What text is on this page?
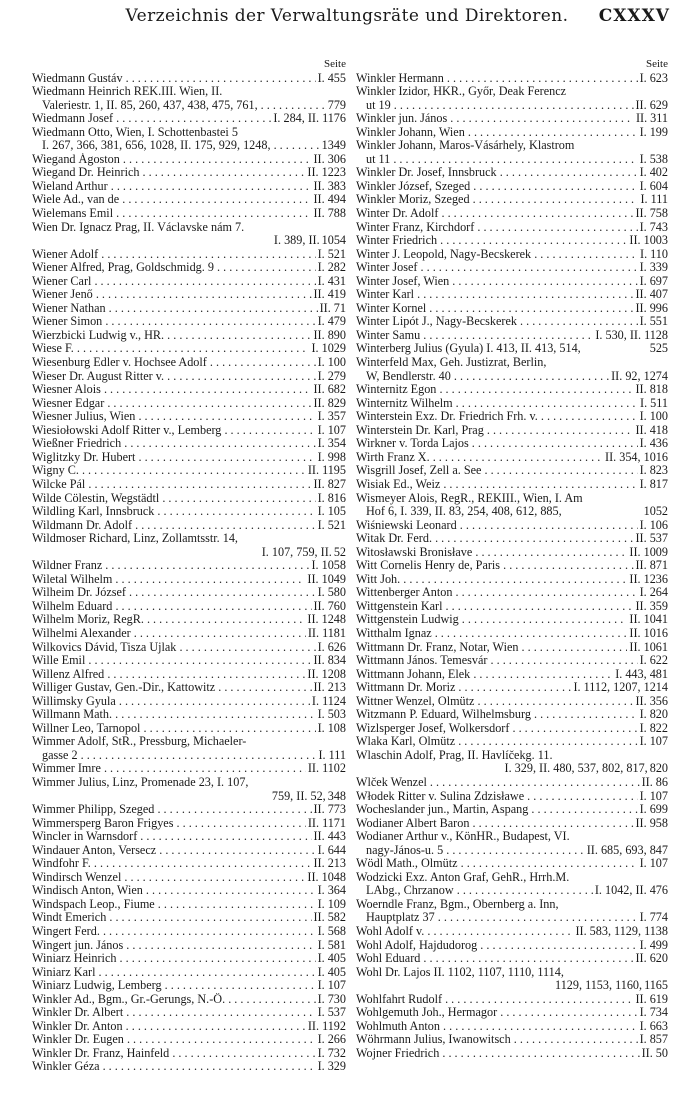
Verzeichnis der Verwaltungsräte und Direktoren.	CXXXV
Seite
Wiedmann Gustáv . . .	I. 455
Wiedmann Heinrich REK.III. Wien, II.
Valeriestr. 1, II. 85, 260, 437, 438, 475, 761, . . .	779
Wiedmann Josef . . .	I. 284, II. 1176
Wiedmann Otto, Wien, I. Schottenbastei 5
I. 267, 366, 381, 656, 1028, II. 175, 929, 1248, . . .	1349
Wiegand Ágoston . . .	II. 306
Wiegand Dr. Heinrich . . .	II. 1223
Wieland Arthur . . .	II. 383
Wiele Ad., van de . . .	II. 494
Wielemans Emil . . .	II. 788
Wien Dr. Ignacz Prag, II. Václavske nám 7.
I. 389, II. 1054
Wiener Adolf . . .	I. 521
Wiener Alfred, Prag, Goldschmidg. 9 . . .	I. 282
Wiener Carl . . .	I. 431
Wiener Jenő . . .	II. 419
Wiener Nathan . . .	II. 71
Wiener Simon . . .	I. 479
Wierzbicki Ludwig v., HR. . . .	II. 890
Wiese F. . . .	I. 1029
Wiesenburg Edler v. Hochsee Adolf . . .	I. 100
Wieser Dr. August Ritter v. . . .	I. 279
Wiesner Alois . . .	II. 682
Wiesner Edgar . . .	II. 829
Wiesner Julius, Wien . . .	I. 357
Wiesiołowski Adolf Ritter v., Lemberg . . .	I. 107
Wießner Friedrich . . .	I. 354
Wiglitzky Dr. Hubert . . .	I. 998
Wigny C. . . .	II. 1195
Wilcke Pál . . .	II. 827
Wilde Cölestin, Wegstädtl . . .	I. 816
Wildling Karl, Innsbruck . . .	I. 105
Wildmann Dr. Adolf . . .	I. 521
Wildmoser Richard, Linz, Zollamtsstr. 14,
I. 107, 759, II. 52
Wildner Franz . . .	I. 1058
Wiletal Wilhelm . . .	II. 1049
Wilheim Dr. József . . .	I. 580
Wilhelm Eduard . . .	II. 760
Wilhelm Moriz, RegR. . . .	II. 1248
Wilhelmi Alexander . . .	II. 1181
Wilkovics Dávid, Tisza Ujlak . . .	I. 626
Wille Emil . . .	II. 834
Willenz Alfred . . .	II. 1208
Williger Gustav, Gen.-Dir., Kattowitz . . .	II. 213
Willimsky Gyula . . .	I. 1124
Willmann Math. . . .	I. 503
Willner Leo, Tarnopol . . .	I. 108
Wimmer Adolf, StR., Pressburg, Michaeler-
gasse 2 . . .	I. 111
Wimmer Imre . . .	II. 1102
Wimmer Julius, Linz, Promenade 23, I. 107,
759, II. 52, 348
Wimmer Philipp, Szeged . . .	II. 773
Wimmersperg Baron Frigyes . . .	II. 1171
Wincler in Warnsdorf . . .	II. 443
Windauer Anton, Versecz . . .	I. 644
Windfohr F. . . .	II. 213
Windirsch Wenzel . . .	II. 1048
Windisch Anton, Wien . . .	I. 364
Windspach Leop., Fiume . . .	I. 109
Windt Emerich . . .	II. 582
Wingert Ferd. . . .	I. 568
Wingert jun. János . . .	I. 581
Winiarz Heinrich . . .	I. 405
Winiarz Karl . . .	I. 405
Winiarz Ludwig, Lemberg . . .	I. 107
Winkler Ad., Bgm., Gr.-Gerungs, N.-Ö. . . .	I. 730
Winkler Dr. Albert . . .	I. 537
Winkler Dr. Anton . . .	II. 1192
Winkler Dr. Eugen . . .	I. 266
Winkler Dr. Franz, Hainfeld . . .	I. 732
Winkler Géza . . .	I. 329
Seite
Winkler Hermann . . .	I. 623
Winkler Izidor, HKR., Győr, Deak Ferencz
ut 19 . . .	II. 629
Winkler jun. János . . .	II. 311
Winkler Johann, Wien . . .	I. 199
Winkler Johann, Maros-Vásárhely, Klastrom
ut 11 . . .	I. 538
Winkler Dr. Josef, Innsbruck . . .	I. 402
Winkler József, Szeged . . .	I. 604
Winkler Moriz, Szeged . . .	I. 111
Winter Dr. Adolf . . .	II. 758
Winter Franz, Kirchdorf . . .	I. 743
Winter Friedrich . . .	II. 1003
Winter J. Leopold, Nagy-Becskerek . . .	I. 110
Winter Josef . . .	I. 339
Winter Josef, Wien . . .	I. 697
Winter Karl . . .	II. 407
Winter Kornel . . .	II. 996
Winter Lipót J., Nagy-Becskerek . . .	I. 551
Winter Samu . . .	I. 530, II. 1128
Winterberg Julius (Gyula) I. 413, II. 413, 514,	525
Winterfeld Max, Geh. Justizrat, Berlin,
W, Bendlerstr. 40 . . .	II. 92, 1274
Winternitz Egon . . .	II. 818
Winternitz Wilhelm . . .	I. 511
Winterstein Exz. Dr. Friedrich Frh. v. . . .	I. 100
Winterstein Dr. Karl, Prag . . .	II. 418
Wirkner v. Torda Lajos . . .	I. 436
Wirth Franz X. . . .	II. 354, 1016
Wisgrill Josef, Zell a. See . . .	I. 823
Wisiak Ed., Weiz . . .	I. 817
Wismeyer Alois, RegR., REKIII., Wien, I. Am
Hof 6, I. 339, II. 83, 254, 408, 612, 885,	1052
Wiśniewski Leonard . . .	I. 106
Witak Dr. Ferd. . . .	II. 537
Witosławski Bronisłave . . .	II. 1009
Witt Cornelis Henry de, Paris . . .	II. 871
Witt Joh. . . .	II. 1236
Wittenberger Anton . . .	I. 264
Wittgenstein Karl . . .	II. 359
Wittgenstein Ludwig . . .	II. 1041
Witthalm Ignaz . . .	II. 1016
Wittmann Dr. Franz, Notar, Wien . . .	II. 1061
Wittmann János. Temesvár . . .	I. 622
Wittmann Johann, Elek . . .	I. 443, 481
Wittmann Dr. Moriz . . .	I. 1112, 1207, 1214
Wittner Wenzel, Olmütz . . .	II. 356
Witzmann P. Eduard, Wilhelmsburg . . .	I. 820
Wizlsperger Josef, Wolkersdorf . . .	I. 822
Wlaka Karl, Olmütz . . .	I. 107
Wlaschin Adolf, Prag, II. Havlíčekg. 11.
I. 329, II. 480, 537, 802, 817, 820
Wlček Wenzel . . .	II. 86
Włodek Ritter v. Sulina Zdzisławe . . .	I. 107
Wocheslander jun., Martin, Aspang . . .	I. 699
Wodianer Albert Baron . . .	II. 958
Wodianer Arthur v., KönHR., Budapest, VI.
nagy-János-u. 5 . . .	II. 685, 693, 847
Wödl Math., Olmütz . . .	I. 107
Wodzicki Exz. Anton Graf, GehR., Hrrh.M.
LAbg., Chrzanow . . .	I. 1042, II. 476
Woerndle Franz, Bgm., Obernberg a. Inn,
Hauptplatz 37 . . .	I. 774
Wohl Adolf v. . . .	II. 583, 1129, 1138
Wohl Adolf, Hajdudorog . . .	I. 499
Wohl Eduard . . .	II. 620
Wohl Dr. Lajos II. 1102, 1107, 1110, 1114,
1129, 1153, 1160, 1165
Wohlfahrt Rudolf . . .	II. 619
Wohlgemuth Joh., Hermagor . . .	I. 734
Wohlmuth Anton . . .	I. 663
Wöhrmann Julius, Iwanowitsch . . .	I. 857
Wojner Friedrich . . .	II. 50
